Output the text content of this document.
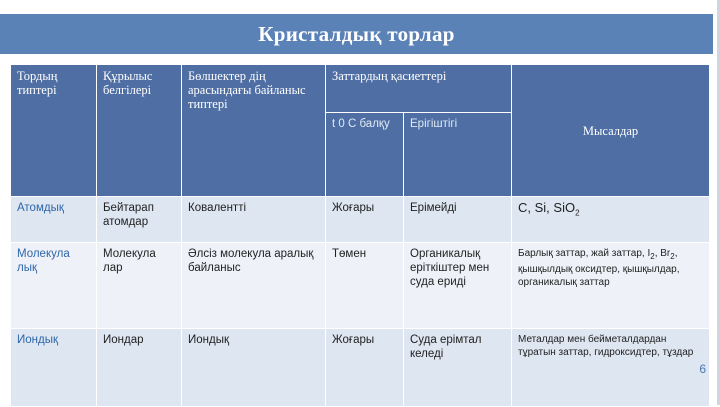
Кристалдық торлар
Тордың типтері	Құрылыс белгілері	Бөлшектер дің арасындағы байланыс типтері	Заттардың қасиеттері		Мысалдар
			t 0 C балқу	Ерігіштігі	
Атомдық	Бейтарап атомдар	Ковалентті	Жоғары	Ерімейді	C, Si, SiO$_2$
Молекула лық	Молекула лар	Әлсіз молекула аралық байланыс	Төмен	Органикалық еріткіштер мен суда ериді	Барлық заттар, жай заттар, $I_2$, $Br_2$, қышқылдық оксидтер, қышқылдар, органикалық заттар
Иондық	Иондар	Иондық	Жоғары	Суда ерімтал келеді	Металдар мен бейметалдардан тұратын заттар, гидроксидтер, тұздар
6
